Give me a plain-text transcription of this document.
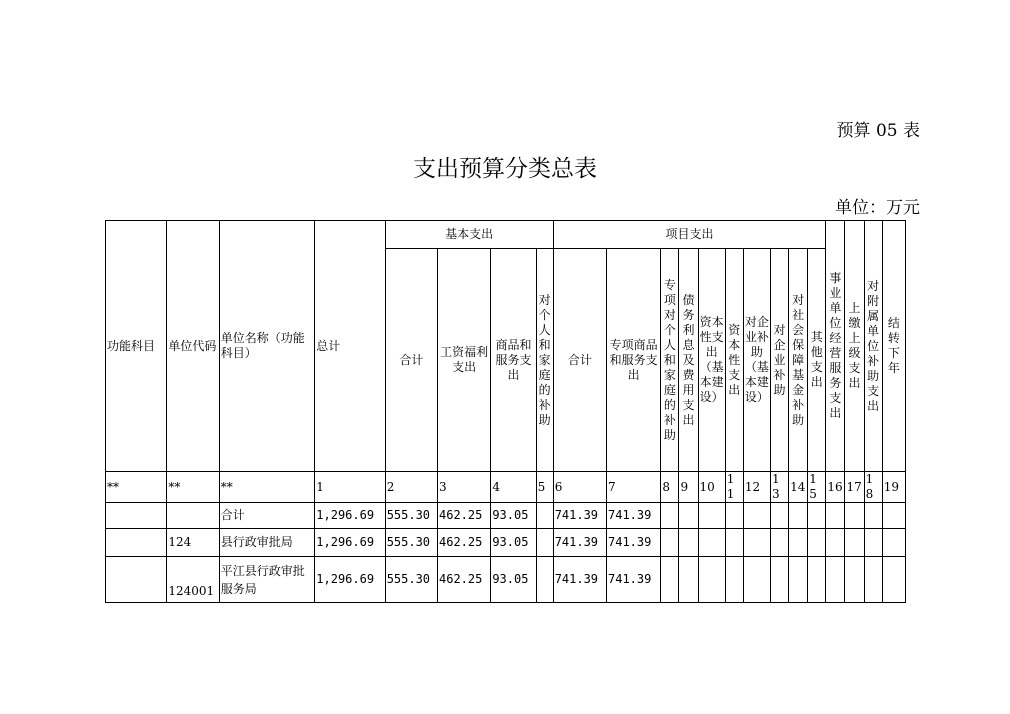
预算 05 表
支出预算分类总表
单位：万元
功能科目	单位代码	单位名称（功能科目）	总计	基本支出				项目支出										事业单位经营服务支出	上缴上级支出	对附属单位补助支出	结转下年
				合计	工资福利支出	商品和服务支出	对个人和家庭的补助	合计	专项商品和服务支出	专项对个人和家庭的补助	债务利息及费用支出	资本性支出（基本建设）	资本性支出	对企业补助（基本建设）	对企业补助	对社会保障基金补助	其他支出				
**	**	**	1	2	3	4	5	6	7	8	9	10	11	12	13	14	15	16	17	18	19
		合计	1,296.69	555.30	462.25	93.05		741.39	741.39												
	124	县行政审批局	1,296.69	555.30	462.25	93.05		741.39	741.39												
	124001	平江县行政审批服务局	1,296.69	555.30	462.25	93.05		741.39	741.39												
